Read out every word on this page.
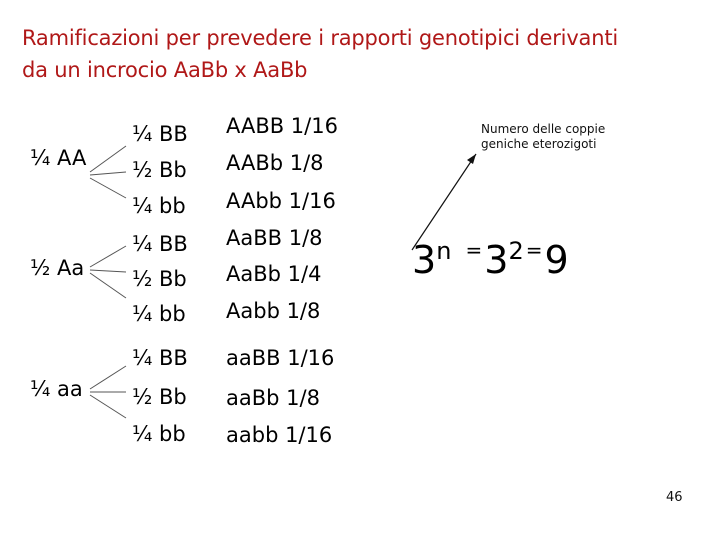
Ramificazioni per prevedere i rapporti genotipici derivanti
da un incrocio AaBb x AaBb
¼ AA
½ Aa
¼ aa
¼ BB
½ Bb
¼ bb
¼ BB
½ Bb
¼ bb
¼ BB
½ Bb
¼ bb
AABB 1/16
AABb 1/8
AAbb 1/16
AaBB 1/8
AaBb 1/4
Aabb 1/8
aaBB 1/16
aaBb 1/8
aabb 1/16
Numero delle coppie geniche eterozigoti
3$^n$ $^=3^2$ =9
46
